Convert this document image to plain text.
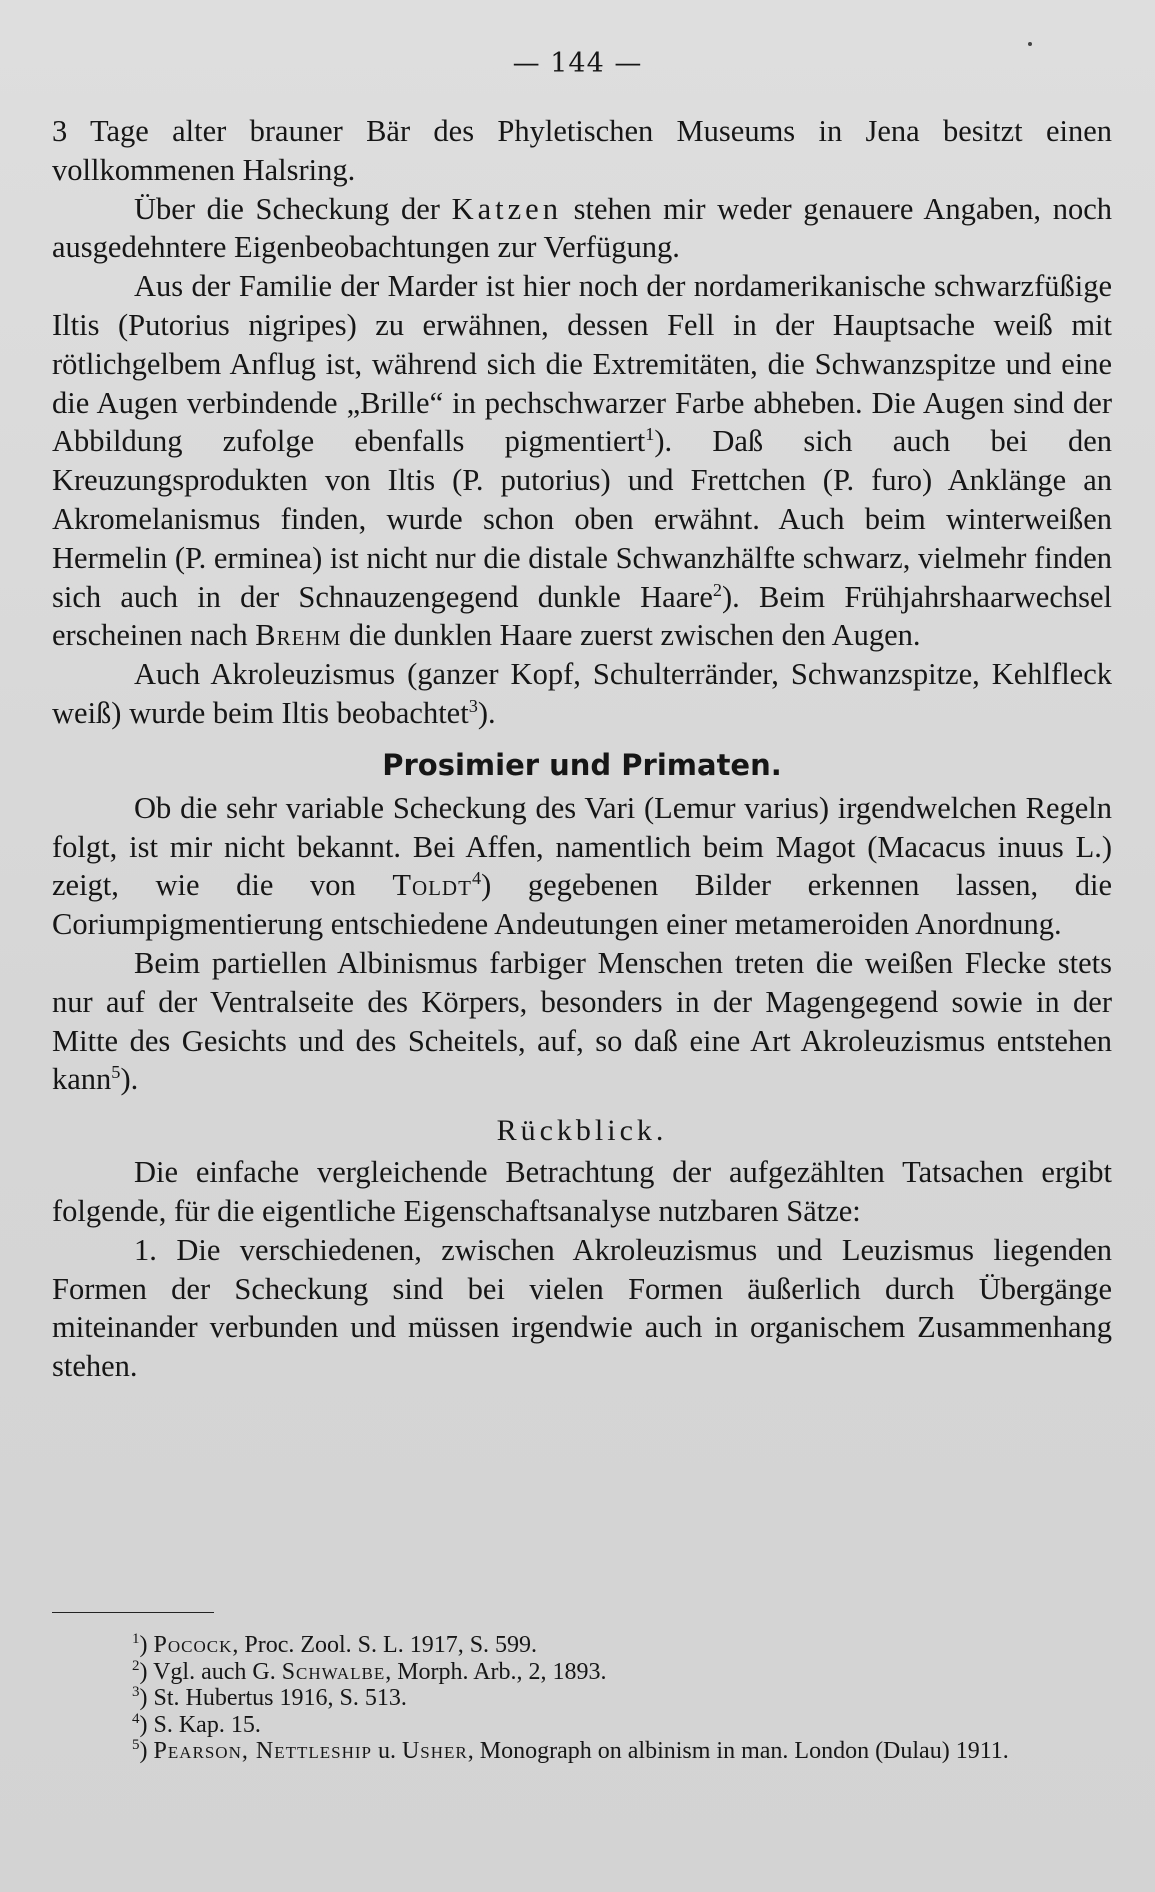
— 144 —

3 Tage alter brauner Bär des Phyletischen Museums in Jena besitzt einen vollkommenen Halsring.

Über die Scheckung der Katzen stehen mir weder genauere Angaben, noch ausgedehntere Eigenbeobachtungen zur Verfügung.

Aus der Familie der Marder ist hier noch der nordamerikanische schwarzfüßige Iltis (Putorius nigripes) zu erwähnen, dessen Fell in der Hauptsache weiß mit rötlichgelbem Anflug ist, während sich die Extremitäten, die Schwanzspitze und eine die Augen verbindende „Brille“ in pechschwarzer Farbe abheben. Die Augen sind der Abbildung zufolge ebenfalls pigmentiert$^1$). Daß sich auch bei den Kreuzungsprodukten von Iltis (P. putorius) und Frettchen (P. furo) Anklänge an Akromelanismus finden, wurde schon oben erwähnt. Auch beim winterweißen Hermelin (P. erminea) ist nicht nur die distale Schwanzhälfte schwarz, vielmehr finden sich auch in der Schnauzengegend dunkle Haare$^2$). Beim Frühjahrshaarwechsel erscheinen nach Brehm die dunklen Haare zuerst zwischen den Augen.

Auch Akroleuzismus (ganzer Kopf, Schulterränder, Schwanzspitze, Kehlfleck weiß) wurde beim Iltis beobachtet$^3$).

Prosimier und Primaten.

Ob die sehr variable Scheckung des Vari (Lemur varius) irgendwelchen Regeln folgt, ist mir nicht bekannt. Bei Affen, namentlich beim Magot (Macacus inuus L.) zeigt, wie die von Toldt$^4$) gegebenen Bilder erkennen lassen, die Coriumpigmentierung entschiedene Andeutungen einer metameroiden Anordnung.

Beim partiellen Albinismus farbiger Menschen treten die weißen Flecke stets nur auf der Ventralseite des Körpers, besonders in der Magengegend sowie in der Mitte des Gesichts und des Scheitels, auf, so daß eine Art Akroleuzismus entstehen kann$^5$).

Rückblick.

Die einfache vergleichende Betrachtung der aufgezählten Tatsachen ergibt folgende, für die eigentliche Eigenschaftsanalyse nutzbaren Sätze:

1. Die verschiedenen, zwischen Akroleuzismus und Leuzismus liegenden Formen der Scheckung sind bei vielen Formen äußerlich durch Übergänge miteinander verbunden und müssen irgendwie auch in organischem Zusammenhang stehen.

$^1$) Pocock, Proc. Zool. S. L. 1917, S. 599.

$^2$) Vgl. auch G. Schwalbe, Morph. Arb., 2, 1893.

$^3$) St. Hubertus 1916, S. 513.

$^4$) S. Kap. 15.

$^5$) Pearson, Nettleship u. Usher, Monograph on albinism in man. London (Dulau) 1911.
